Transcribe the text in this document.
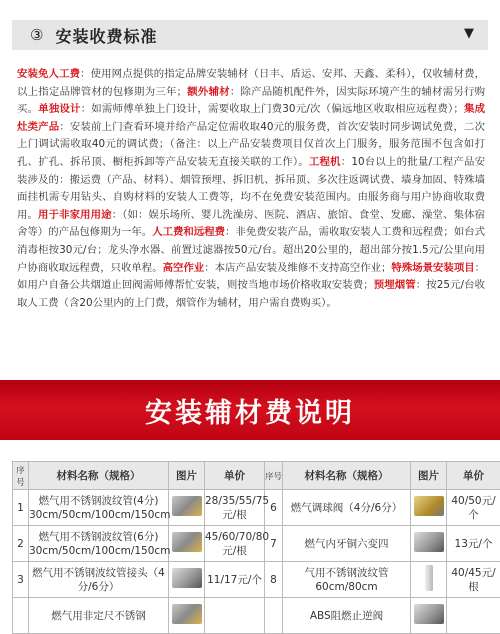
③ 安装收费标准	▼
安装免人工费：使用网点提供的指定品牌安装辅材（日丰、盾运、安邦、天鑫、柔科），仅收辅材费，以上指定品牌管材的包修期为三年；额外辅材：除产品随机配件外，因实际环境产生的辅材需另行购买。单独设计：如需师傅单独上门设计，需要收取上门费30元/次（偏远地区收取相应远程费）；集成灶类产品：安装前上门查看环境并给产品定位需收取40元的服务费，首次安装时同步调试免费，二次上门调试需收取40元的调试费；（备注：以上产品安装费项目仅首次上门服务，服务范围不包含如打孔、扩孔、拆吊顶、橱柜拆卸等产品安装无直接关联的工作）。工程机：10台以上的批量/工程产品安装涉及的：搬运费（产品、材料）、烟管预埋、拆旧机、拆吊顶、多次往返调试费、墙身加固、特殊墙面挂机需专用钻头、自购材料的安装人工费等，均不在免费安装范围内。由服务商与用户协商收取费用。用于非家用用途：（如：娱乐场所、婴儿洗澡房、医院、酒店、旅馆、食堂、发廊、澡堂、集体宿舍等）的产品包修期为一年。人工费和远程费：非免费安装产品，需收取安装人工费和远程费；如台式消毒柜按30元/台；龙头净水器、前置过滤器按50元/台。超出20公里的，超出部分按1.5元/公里向用户协商收取远程费，只收单程。高空作业：本店产品安装及维修不支持高空作业；特殊场景安装项目：如用户自备公共烟道止回阀需师傅帮忙安装，则按当地市场价格收取安装费；预埋烟管：按25元/台收取人工费（含20公里内的上门费，烟管作为辅材，用户需自费购买）。
安装辅材费说明
序号	材料名称（规格）	图片	单价	序号	材料名称（规格）	图片	单价
1	燃气用不锈钢波纹管(4分) 30cm/50cm/100cm/150cm		28/35/55/75元/根	6	燃气调球阀（4分/6分）		40/50元/个
2	燃气用不锈钢波纹管(6分) 30cm/50cm/100cm/150cm		45/60/70/80元/根	7	燃气内牙铜六变四		13元/个
3	燃气用不锈钢波纹管接头（4分/6分）		11/17元/个	8	气用不锈钢波纹管 60cm/80cm		40/45元/根
	燃气用非定尺不锈钢				ABS阻燃止逆阀		
